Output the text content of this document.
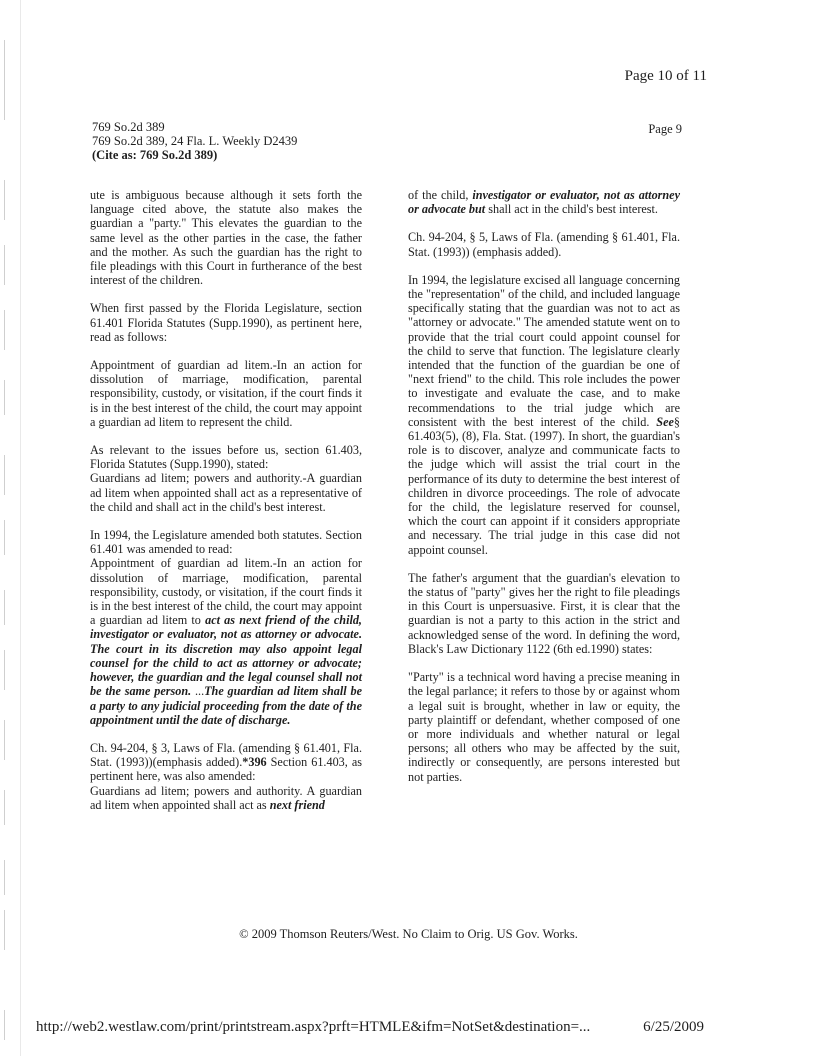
Page 10 of 11
769 So.2d 389
769 So.2d 389, 24 Fla. L. Weekly D2439
(Cite as: 769 So.2d 389)
Page 9

ute is ambiguous because although it sets forth the language cited above, the statute also makes the guardian a "party." This elevates the guardian to the same level as the other parties in the case, the father and the mother. As such the guardian has the right to file pleadings with this Court in furtherance of the best interest of the children.

When first passed by the Florida Legislature, section 61.401 Florida Statutes (Supp.1990), as pertinent here, read as follows:

Appointment of guardian ad litem.-In an action for dissolution of marriage, modification, parental responsibility, custody, or visitation, if the court finds it is in the best interest of the child, the court may appoint a guardian ad litem to represent the child.

As relevant to the issues before us, section 61.403, Florida Statutes (Supp.1990), stated:

Guardians ad litem; powers and authority.-A guardian ad litem when appointed shall act as a representative of the child and shall act in the child's best interest.

In 1994, the Legislature amended both statutes. Section 61.401 was amended to read:

Appointment of guardian ad litem.-In an action for dissolution of marriage, modification, parental responsibility, custody, or visitation, if the court finds it is in the best interest of the child, the court may appoint a guardian ad litem to act as next friend of the child, investigator or evaluator, not as attorney or advocate. The court in its discretion may also appoint legal counsel for the child to act as attorney or advocate; however, the guardian and the legal counsel shall not be the same person. ...The guardian ad litem shall be a party to any judicial proceeding from the date of the appointment until the date of discharge.

Ch. 94-204, § 3, Laws of Fla. (amending § 61.401, Fla. Stat. (1993))(emphasis added).*396 Section 61.403, as pertinent here, was also amended:

Guardians ad litem; powers and authority. A guardian ad litem when appointed shall act as next friend

of the child, investigator or evaluator, not as attorney or advocate but shall act in the child's best interest.

Ch. 94-204, § 5, Laws of Fla. (amending § 61.401, Fla. Stat. (1993)) (emphasis added).

In 1994, the legislature excised all language concerning the "representation" of the child, and included language specifically stating that the guardian was not to act as "attorney or advocate." The amended statute went on to provide that the trial court could appoint counsel for the child to serve that function. The legislature clearly intended that the function of the guardian be one of "next friend" to the child. This role includes the power to investigate and evaluate the case, and to make recommendations to the trial judge which are consistent with the best interest of the child. See§ 61.403(5), (8), Fla. Stat. (1997). In short, the guardian's role is to discover, analyze and communicate facts to the judge which will assist the trial court in the performance of its duty to determine the best interest of children in divorce proceedings. The role of advocate for the child, the legislature reserved for counsel, which the court can appoint if it considers appropriate and necessary. The trial judge in this case did not appoint counsel.

The father's argument that the guardian's elevation to the status of "party" gives her the right to file pleadings in this Court is unpersuasive. First, it is clear that the guardian is not a party to this action in the strict and acknowledged sense of the word. In defining the word, Black's Law Dictionary 1122 (6th ed.1990) states:

"Party" is a technical word having a precise meaning in the legal parlance; it refers to those by or against whom a legal suit is brought, whether in law or equity, the party plaintiff or defendant, whether composed of one or more individuals and whether natural or legal persons; all others who may be affected by the suit, indirectly or consequently, are persons interested but not parties.

© 2009 Thomson Reuters/West. No Claim to Orig. US Gov. Works.
http://web2.westlaw.com/print/printstream.aspx?prft=HTMLE&ifm=NotSet&destination=...	6/25/2009
